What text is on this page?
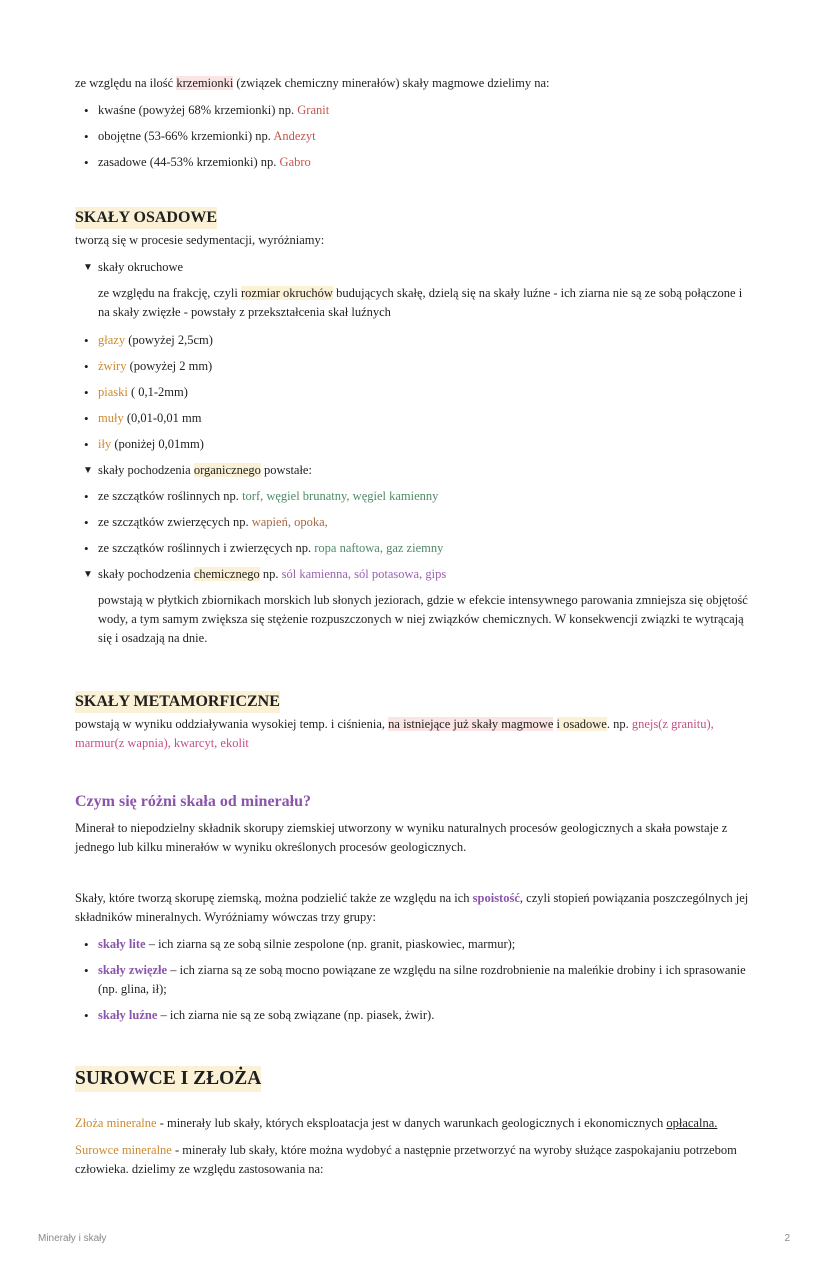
ze względu na ilość krzemionki (związek chemiczny minerałów) skały magmowe dzielimy na:

• kwaśne (powyżej 68% krzemionki) np. Granit
• obojętne (53-66% krzemionki) np. Andezyt
• zasadowe (44-53% krzemionki) np. Gabro
SKAŁY OSADOWE

tworzą się w procesie sedymentacji, wyróżniamy:

▼ skały okruchowe

ze względu na frakcję, czyli rozmiar okruchów budujących skałę, dzielą się na skały luźne - ich ziarna nie są ze sobą połączone i na skały zwięzłe - powstały z przekształcenia skał luźnych

• głazy (powyżej 2,5cm)
• żwiry (powyżej 2 mm)
• piaski ( 0,1-2mm)
• muły (0,01-0,01 mm
• iły (poniżej 0,01mm)
▼ skały pochodzenia organicznego powstałe:
• ze szczątków roślinnych np. torf, węgiel brunatny, węgiel kamienny
• ze szczątków zwierzęcych np. wapień, opoka,
• ze szczątków roślinnych i zwierzęcych np. ropa naftowa, gaz ziemny
▼ skały pochodzenia chemicznego np. sól kamienna, sól potasowa, gips

powstają w płytkich zbiornikach morskich lub słonych jeziorach, gdzie w efekcie intensywnego parowania zmniejsza się objętość wody, a tym samym zwiększa się stężenie rozpuszczonych w niej związków chemicznych. W konsekwencji związki te wytrącają się i osadzają na dnie.

SKAŁY METAMORFICZNE

powstają w wyniku oddziaływania wysokiej temp. i ciśnienia, na istniejące już skały magmowe i osadowe. np. gnejs(z granitu), marmur(z wapnia), kwarcyt, ekolit

Czym się różni skała od minerału?

Minerał to niepodzielny składnik skorupy ziemskiej utworzony w wyniku naturalnych procesów geologicznych a skała powstaje z jednego lub kilku minerałów w wyniku określonych procesów geologicznych.

Skały, które tworzą skorupę ziemską, można podzielić także ze względu na ich spoistość, czyli stopień powiązania poszczególnych jej składników mineralnych. Wyróżniamy wówczas trzy grupy:

• skały lite – ich ziarna są ze sobą silnie zespolone (np. granit, piaskowiec, marmur);
• skały zwięzłe – ich ziarna są ze sobą mocno powiązane ze względu na silne rozdrobnienie na maleńkie drobiny i ich sprasowanie (np. glina, ił);
• skały luźne – ich ziarna nie są ze sobą związane (np. piasek, żwir).
SUROWCE I ZŁOŻA

Złoża mineralne - minerały lub skały, których eksploatacja jest w danych warunkach geologicznych i ekonomicznych opłacalna.

Surowce mineralne - minerały lub skały, które można wydobyć a następnie przetworzyć na wyroby służące zaspokajaniu potrzebom człowieka. dzielimy ze względu zastosowania na:

Minerały i skały	2
